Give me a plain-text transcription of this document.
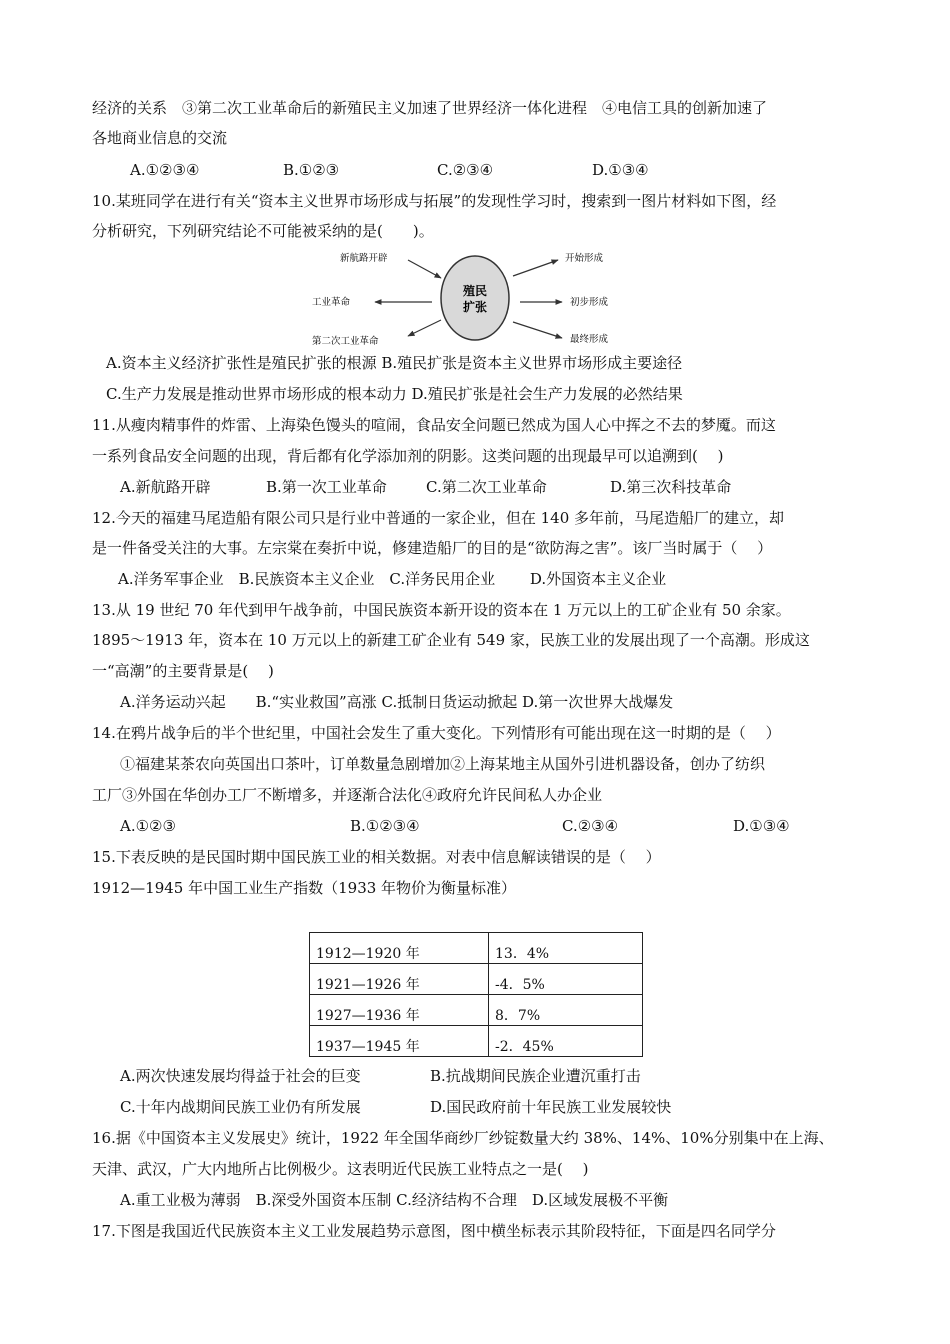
经济的关系　③第二次工业革命后的新殖民主义加速了世界经济一体化进程　④电信工具的创新加速了
各地商业信息的交流
A.①②③④	B.①②③	C.②③④	D.①③④
10.某班同学在进行有关“资本主义世界市场形成与拓展”的发现性学习时，搜索到一图片材料如下图，经
分析研究，下列研究结论不可能被采纳的是(　　)。
殖民
扩张
新航路开辟
工业革命
第二次工业革命
开始形成
初步形成
最终形成
A.资本主义经济扩张性是殖民扩张的根源 B.殖民扩张是资本主义世界市场形成主要途径
C.生产力发展是推动世界市场形成的根本动力 D.殖民扩张是社会生产力发展的必然结果
11.从瘦肉精事件的炸雷、上海染色馒头的喧闹，食品安全问题已然成为国人心中挥之不去的梦魇。而这
一系列食品安全问题的出现，背后都有化学添加剂的阴影。这类问题的出现最早可以追溯到(　 )
A.新航路开辟	B.第一次工业革命	C.第二次工业革命	D.第三次科技革命
12.今天的福建马尾造船有限公司只是行业中普通的一家企业，但在 140 多年前，马尾造船厂的建立，却
是一件备受关注的大事。左宗棠在奏折中说，修建造船厂的目的是“欲防海之害”。该厂当时属于（　 ）
A.洋务军事企业　B.民族资本主义企业　C.洋务民用企业　　 D.外国资本主义企业
13.从 19 世纪 70 年代到甲午战争前，中国民族资本新开设的资本在 1 万元以上的工矿企业有 50 余家。
1895～1913 年，资本在 10 万元以上的新建工矿企业有 549 家，民族工业的发展出现了一个高潮。形成这
一“高潮”的主要背景是(　 )
A.洋务运动兴起　　B.“实业救国”高涨 C.抵制日货运动掀起 D.第一次世界大战爆发
14.在鸦片战争后的半个世纪里，中国社会发生了重大变化。下列情形有可能出现在这一时期的是（　 ）
①福建某茶农向英国出口茶叶，订单数量急剧增加②上海某地主从国外引进机器设备，创办了纺织
工厂③外国在华创办工厂不断增多，并逐渐合法化④政府允许民间私人办企业
A.①②③	B.①②③④	C.②③④	D.①③④
15.下表反映的是民国时期中国民族工业的相关数据。对表中信息解读错误的是（　 ）
1912—1945 年中国工业生产指数（1933 年物价为衡量标准）
1912—1920 年	13．4%
1921—1926 年	-4．5%
1927—1936 年	8．7%
1937—1945 年	-2．45%
A.两次快速发展均得益于社会的巨变	B.抗战期间民族企业遭沉重打击
C.十年内战期间民族工业仍有所发展	D.国民政府前十年民族工业发展较快
16.据《中国资本主义发展史》统计，1922 年全国华商纱厂纱锭数量大约 38%、14%、10%分别集中在上海、
天津、武汉，广大内地所占比例极少。这表明近代民族工业特点之一是(　 )
A.重工业极为薄弱　B.深受外国资本压制 C.经济结构不合理　D.区域发展极不平衡
17.下图是我国近代民族资本主义工业发展趋势示意图，图中横坐标表示其阶段特征，下面是四名同学分
